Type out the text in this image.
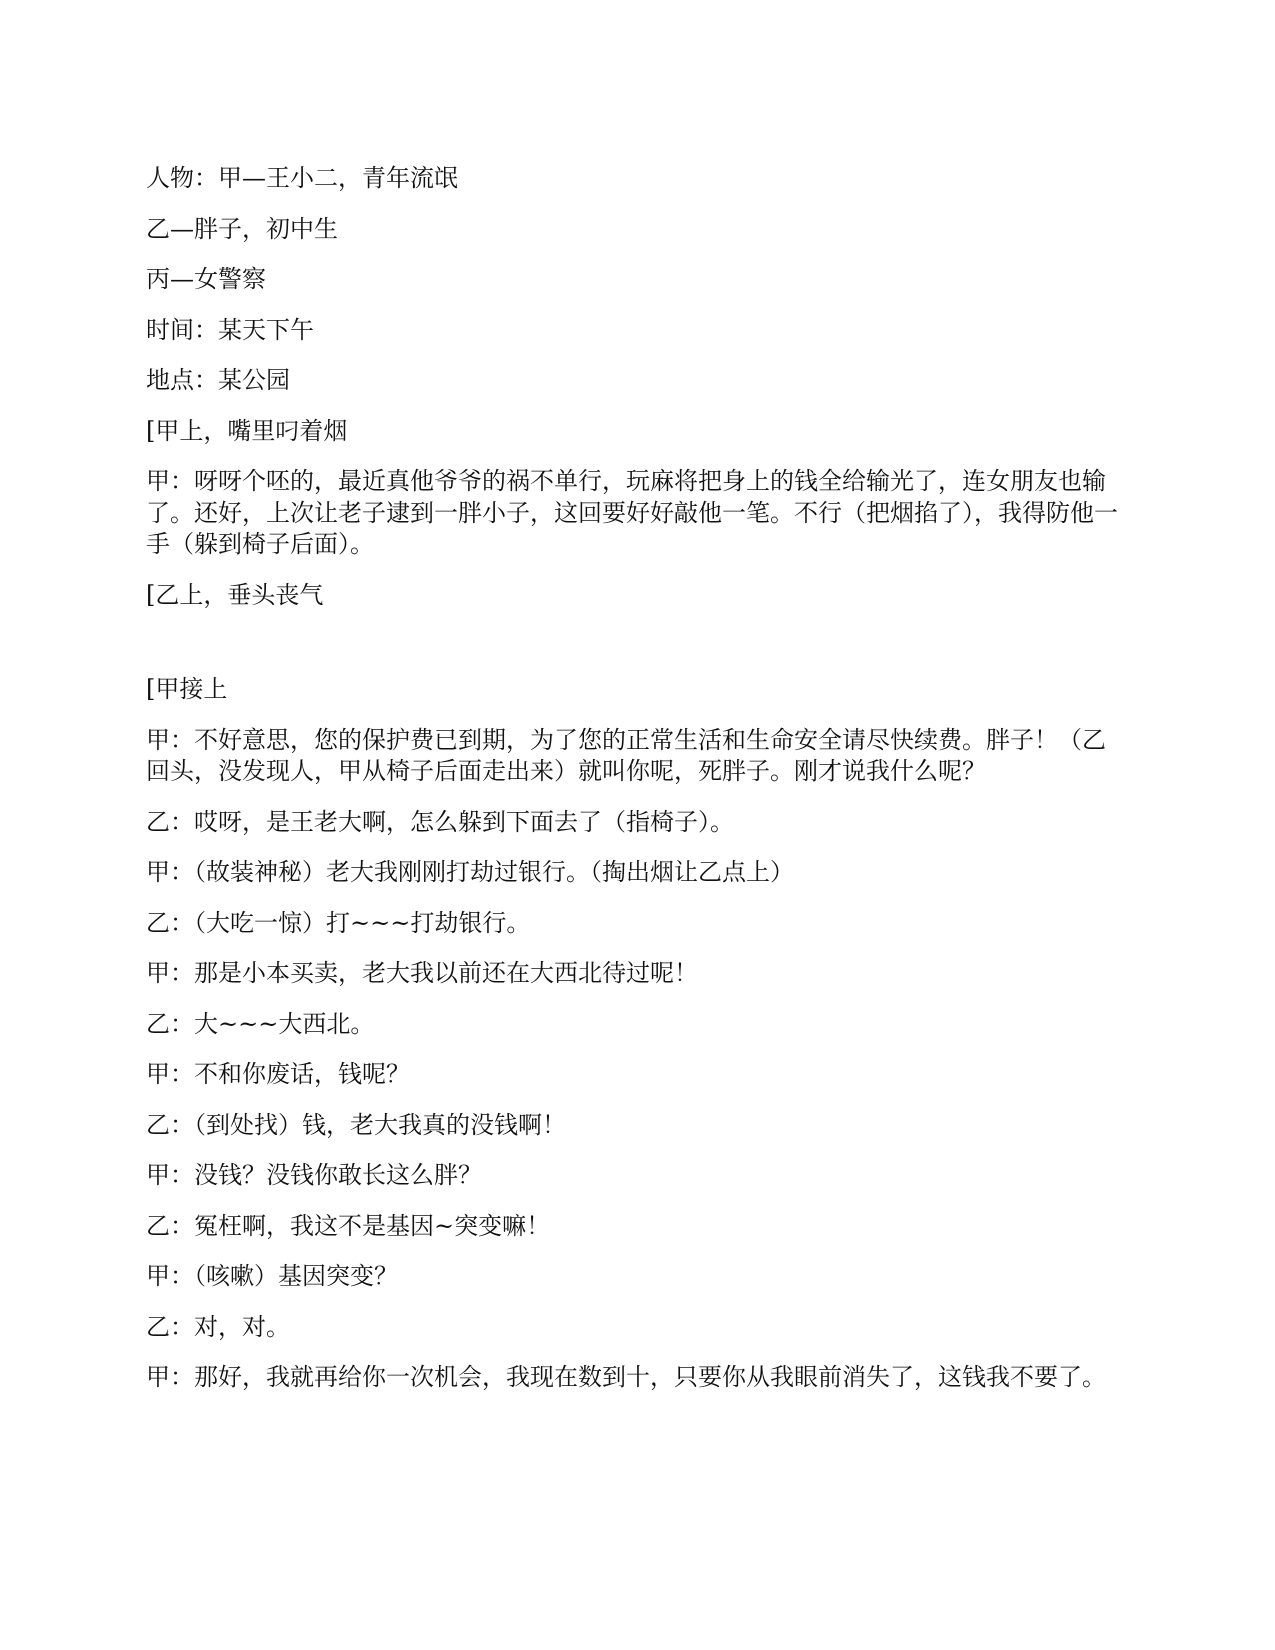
人物：甲—王小二，青年流氓

乙—胖子，初中生

丙—女警察

时间：某天下午

地点：某公园

[甲上，嘴里叼着烟

甲：呀呀个呸的，最近真他爷爷的祸不单行，玩麻将把身上的钱全给输光了，连女朋友也输了。还好，上次让老子逮到一胖小子，这回要好好敲他一笔。不行（把烟掐了），我得防他一手（躲到椅子后面）。

[乙上，垂头丧气

[甲接上

甲：不好意思，您的保护费已到期，为了您的正常生活和生命安全请尽快续费。胖子！（乙回头，没发现人，甲从椅子后面走出来）就叫你呢，死胖子。刚才说我什么呢？

乙：哎呀，是王老大啊，怎么躲到下面去了（指椅子）。

甲：（故装神秘）老大我刚刚打劫过银行。（掏出烟让乙点上）

乙：（大吃一惊）打~~~打劫银行。

甲：那是小本买卖，老大我以前还在大西北待过呢！

乙：大~~~大西北。

甲：不和你废话，钱呢？

乙：（到处找）钱，老大我真的没钱啊！

甲：没钱？没钱你敢长这么胖？

乙：冤枉啊，我这不是基因~突变嘛！

甲：（咳嗽）基因突变？

乙：对，对。

甲：那好，我就再给你一次机会，我现在数到十，只要你从我眼前消失了，这钱我不要了。
